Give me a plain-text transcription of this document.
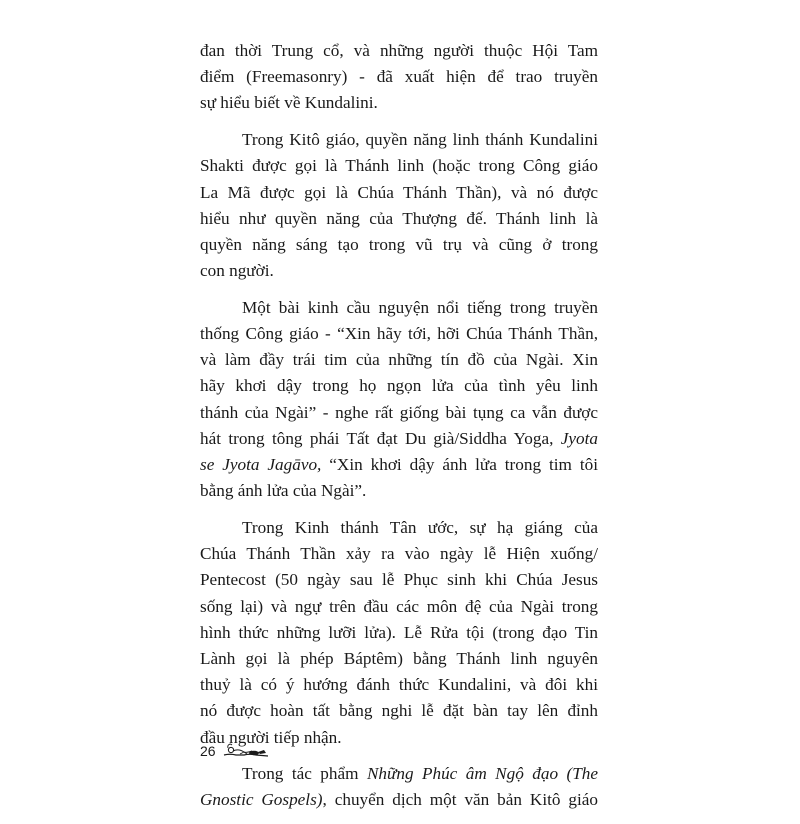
đan thời Trung cổ, và những người thuộc Hội Tam
điểm (Freemasonry) - đã xuất hiện để trao truyền
sự hiểu biết về Kundalini.
Trong Kitô giáo, quyền năng linh thánh Kundalini
Shakti được gọi là Thánh linh (hoặc trong Công giáo
La Mã được gọi là Chúa Thánh Thần), và nó được
hiểu như quyền năng của Thượng đế. Thánh linh là
quyền năng sáng tạo trong vũ trụ và cũng ở trong
con người.
Một bài kinh cầu nguyện nổi tiếng trong truyền
thống Công giáo - “Xin hãy tới, hỡi Chúa Thánh Thần,
và làm đầy trái tim của những tín đồ của Ngài. Xin
hãy khơi dậy trong họ ngọn lửa của tình yêu linh
thánh của Ngài” - nghe rất giống bài tụng ca vẫn được
hát trong tông phái Tất đạt Du già/Siddha Yoga, Jyota
se Jyota Jagāvo, “Xin khơi dậy ánh lửa trong tim tôi
bằng ánh lửa của Ngài”.
Trong Kinh thánh Tân ước, sự hạ giáng của
Chúa Thánh Thần xảy ra vào ngày lễ Hiện xuống/
Pentecost (50 ngày sau lễ Phục sinh khi Chúa Jesus
sống lại) và ngự trên đầu các môn đệ của Ngài trong
hình thức những lưỡi lửa). Lễ Rửa tội (trong đạo Tin
Lành gọi là phép Báptêm) bằng Thánh linh nguyên
thuỷ là có ý hướng đánh thức Kundalini, và đôi khi
nó được hoàn tất bằng nghi lễ đặt bàn tay lên đỉnh
đầu người tiếp nhận.
Trong tác phẩm Những Phúc âm Ngộ đạo (The
Gnostic Gospels), chuyển dịch một văn bản Kitô giáo
26
